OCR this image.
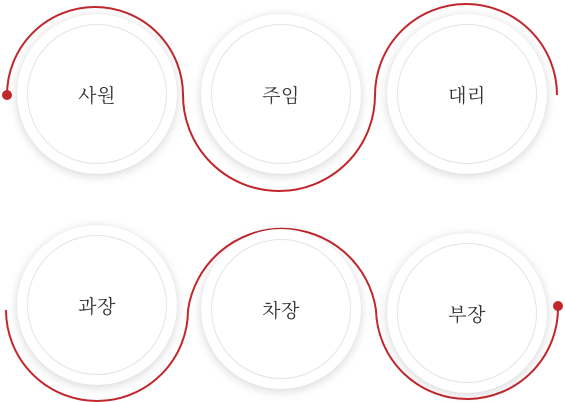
사원	주임	대리
과장	차장	부장
